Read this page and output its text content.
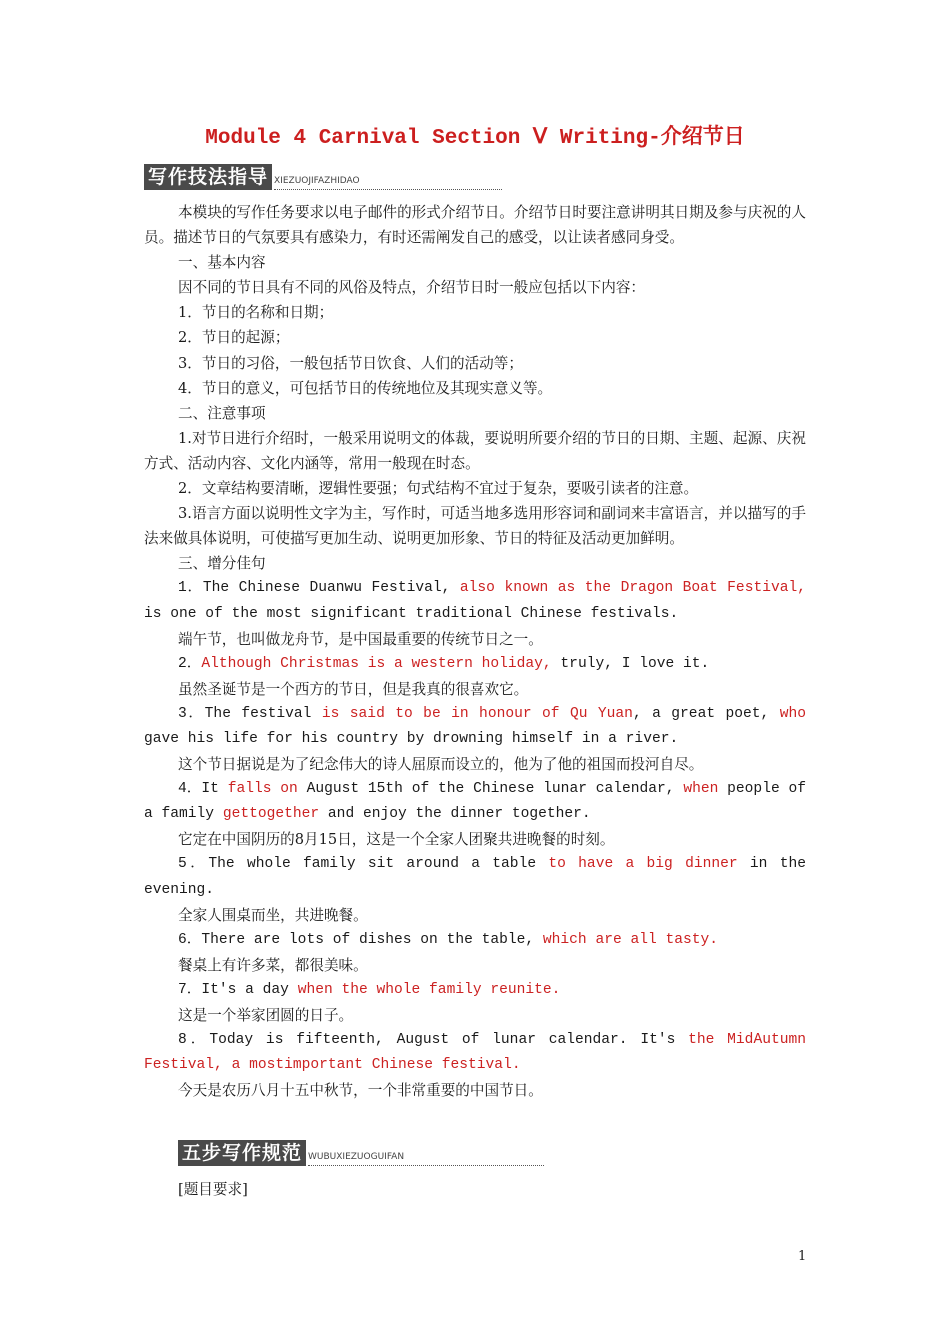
Module 4 Carnival Section Ⅴ Writing-介绍节日
写作技法指导 XIEZUOJIFAZHIDAO

本模块的写作任务要求以电子邮件的形式介绍节日。介绍节日时要注意讲明其日期及参与庆祝的人员。描述节日的气氛要具有感染力，有时还需阐发自己的感受，以让读者感同身受。

一、基本内容

因不同的节日具有不同的风俗及特点，介绍节日时一般应包括以下内容：

1．节日的名称和日期；

2．节日的起源；

3．节日的习俗，一般包括节日饮食、人们的活动等；

4．节日的意义，可包括节日的传统地位及其现实意义等。

二、注意事项

1.对节日进行介绍时，一般采用说明文的体裁，要说明所要介绍的节日的日期、主题、起源、庆祝方式、活动内容、文化内涵等，常用一般现在时态。

2．文章结构要清晰，逻辑性要强；句式结构不宜过于复杂，要吸引读者的注意。

3.语言方面以说明性文字为主，写作时，可适当地多选用形容词和副词来丰富语言，并以描写的手法来做具体说明，可使描写更加生动、说明更加形象、节日的特征及活动更加鲜明。

三、增分佳句

1．The Chinese Duanwu Festival, also known as the Dragon Boat Festival, is one of the most significant traditional Chinese festivals.

端午节，也叫做龙舟节，是中国最重要的传统节日之一。

2．Although Christmas is a western holiday, truly, I love it.

虽然圣诞节是一个西方的节日，但是我真的很喜欢它。

3．The festival is said to be in honour of Qu Yuan, a great poet, who gave his life for his country by drowning himself in a river.

这个节日据说是为了纪念伟大的诗人屈原而设立的，他为了他的祖国而投河自尽。

4．It falls on August 15th of the Chinese lunar calendar, when people of a family gettogether and enjoy the dinner together.

它定在中国阴历的8月15日，这是一个全家人团聚共进晚餐的时刻。

5．The whole family sit around a table to have a big dinner in the evening.

全家人围桌而坐，共进晚餐。

6．There are lots of dishes on the table, which are all tasty.

餐桌上有许多菜，都很美味。

7．It's a day when the whole family reunite.

这是一个举家团圆的日子。

8．Today is fifteenth, August of lunar calendar. It's the MidAutumn Festival, a mostimportant Chinese festival.

今天是农历八月十五中秋节，一个非常重要的中国节日。

五步写作规范 WUBUXIEZUOGUIFAN

[题目要求]

1
